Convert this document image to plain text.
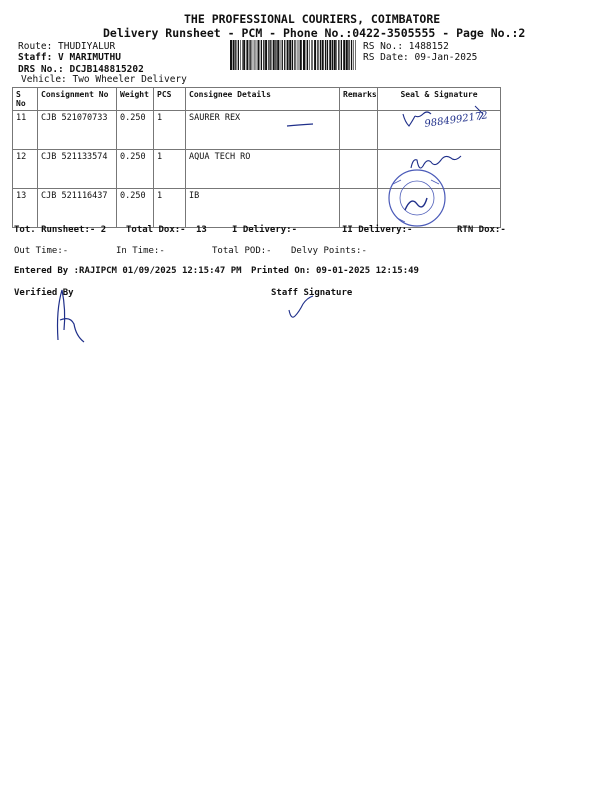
THE PROFESSIONAL COURIERS, COIMBATORE
Delivery Runsheet - PCM - Phone No.:0422-3505555 - Page No.:2
Route: THUDIYALUR
Staff: V MARIMUTHU
DRS No.: DCJB148815202
Vehicle: Two Wheeler Delivery
RS No.: 1488152
RS Date: 09-Jan-2025
S No	Consignment No	Weight	PCS	Consignee Details	Remarks	Seal & Signature
11	CJB 521070733	0.250	1	SAURER REX		
12	CJB 521133574	0.250	1	AQUA TECH RO		
13	CJB 521116437	0.250	1	IB		
9884992172
Tot. Runsheet:- 2 Total Dox:- 13	I Delivery:-	II Delivery:-	RTN Dox:-
Out Time:-	In Time:-	Total POD:- Delvy Points:-
Entered By :RAJIPCM 01/09/2025 12:15:47 PM Printed On: 09-01-2025 12:15:49
Verified By	Staff Signature
